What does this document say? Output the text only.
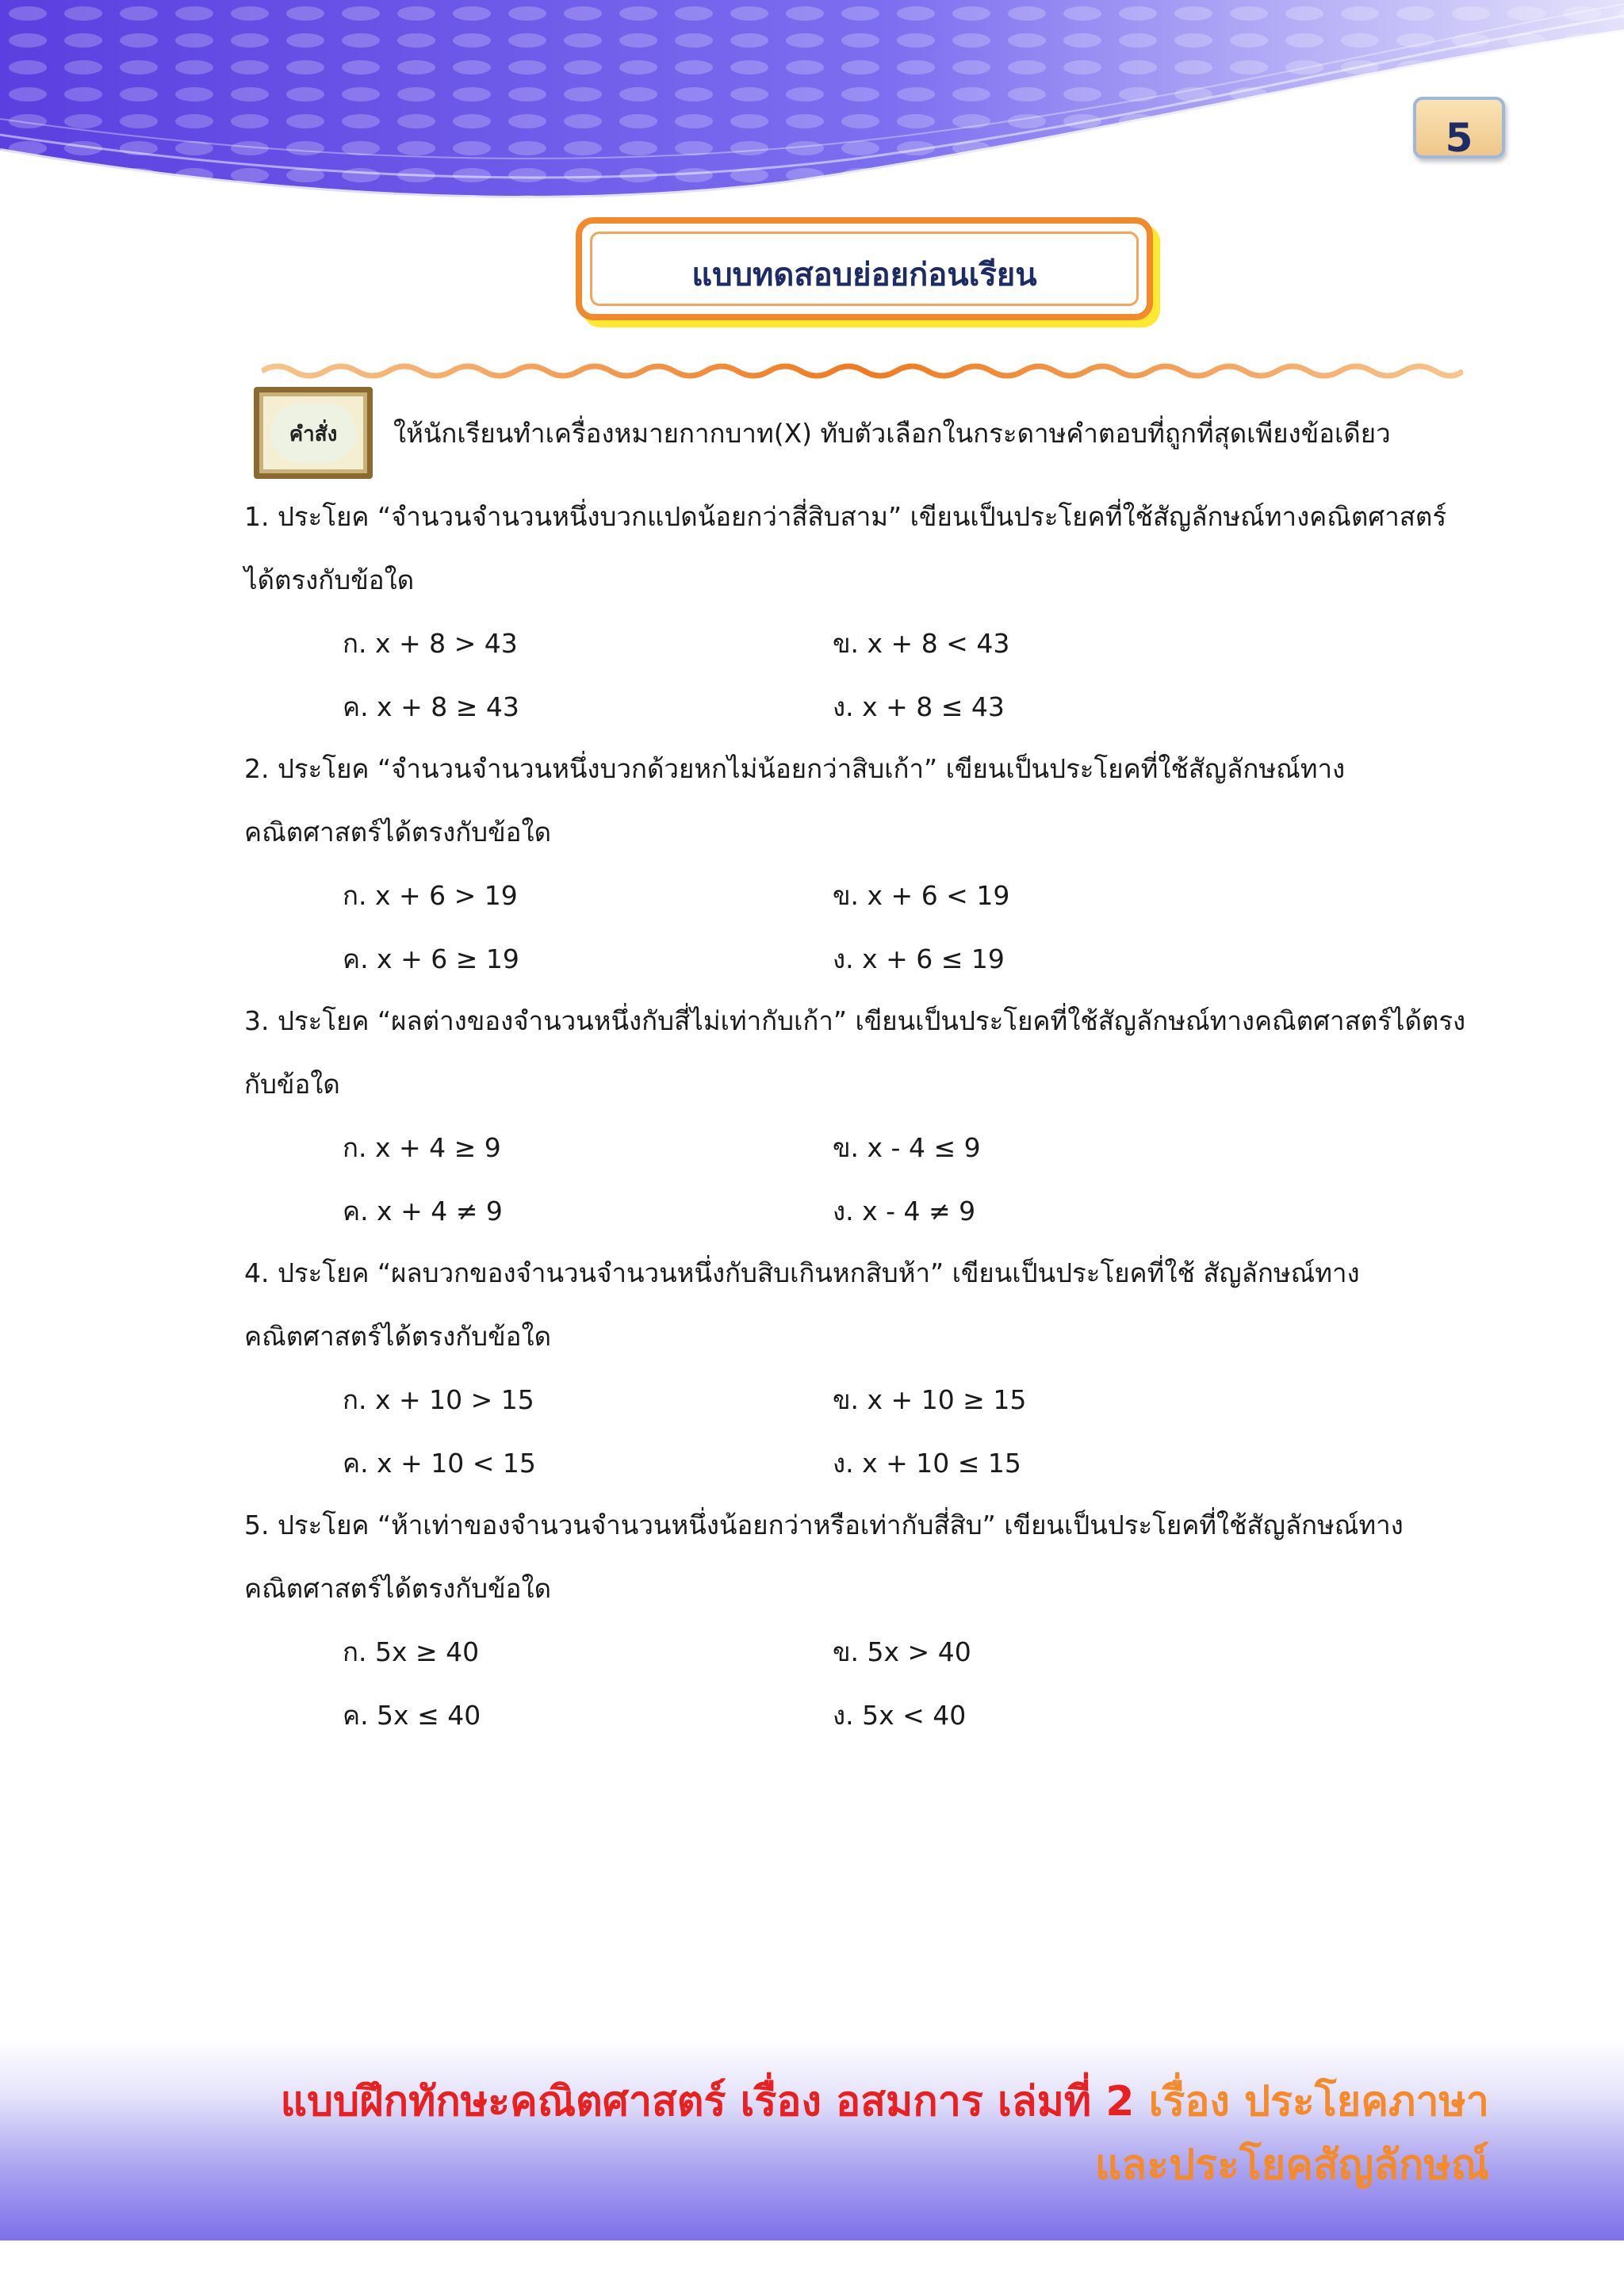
5
แบบทดสอบย่อยก่อนเรียน
คำสั่ง	ให้นักเรียนทำเครื่องหมายกากบาท(X) ทับตัวเลือกในกระดาษคำตอบที่ถูกที่สุดเพียงข้อเดียว
1. ประโยค “จำนวนจำนวนหนึ่งบวกแปดน้อยกว่าสี่สิบสาม” เขียนเป็นประโยคที่ใช้สัญลักษณ์ทางคณิตศาสตร์
ได้ตรงกับข้อใด
ก. x + 8 > 43	ข. x + 8 < 43
ค. x + 8 ≥ 43	ง. x + 8 ≤ 43
2. ประโยค “จำนวนจำนวนหนึ่งบวกด้วยหกไม่น้อยกว่าสิบเก้า” เขียนเป็นประโยคที่ใช้สัญลักษณ์ทาง
คณิตศาสตร์ได้ตรงกับข้อใด
ก. x + 6 > 19	ข. x + 6 < 19
ค. x + 6 ≥ 19	ง. x + 6 ≤ 19
3. ประโยค “ผลต่างของจำนวนหนึ่งกับสี่ไม่เท่ากับเก้า” เขียนเป็นประโยคที่ใช้สัญลักษณ์ทางคณิตศาสตร์ได้ตรง
กับข้อใด
ก. x + 4 ≥ 9	ข. x - 4 ≤ 9
ค. x + 4 ≠ 9	ง. x - 4 ≠ 9
4. ประโยค “ผลบวกของจำนวนจำนวนหนึ่งกับสิบเกินหกสิบห้า” เขียนเป็นประโยคที่ใช้ สัญลักษณ์ทาง
คณิตศาสตร์ได้ตรงกับข้อใด
ก. x + 10 > 15	ข. x + 10 ≥ 15
ค. x + 10 < 15	ง. x + 10 ≤ 15
5. ประโยค “ห้าเท่าของจำนวนจำนวนหนึ่งน้อยกว่าหรือเท่ากับสี่สิบ” เขียนเป็นประโยคที่ใช้สัญลักษณ์ทาง
คณิตศาสตร์ได้ตรงกับข้อใด
ก. 5x ≥ 40	ข. 5x > 40
ค. 5x ≤ 40	ง. 5x < 40
แบบฝึกทักษะคณิตศาสตร์ เรื่อง อสมการ เล่มที่ 2 เรื่อง ประโยคภาษา
และประโยคสัญลักษณ์
